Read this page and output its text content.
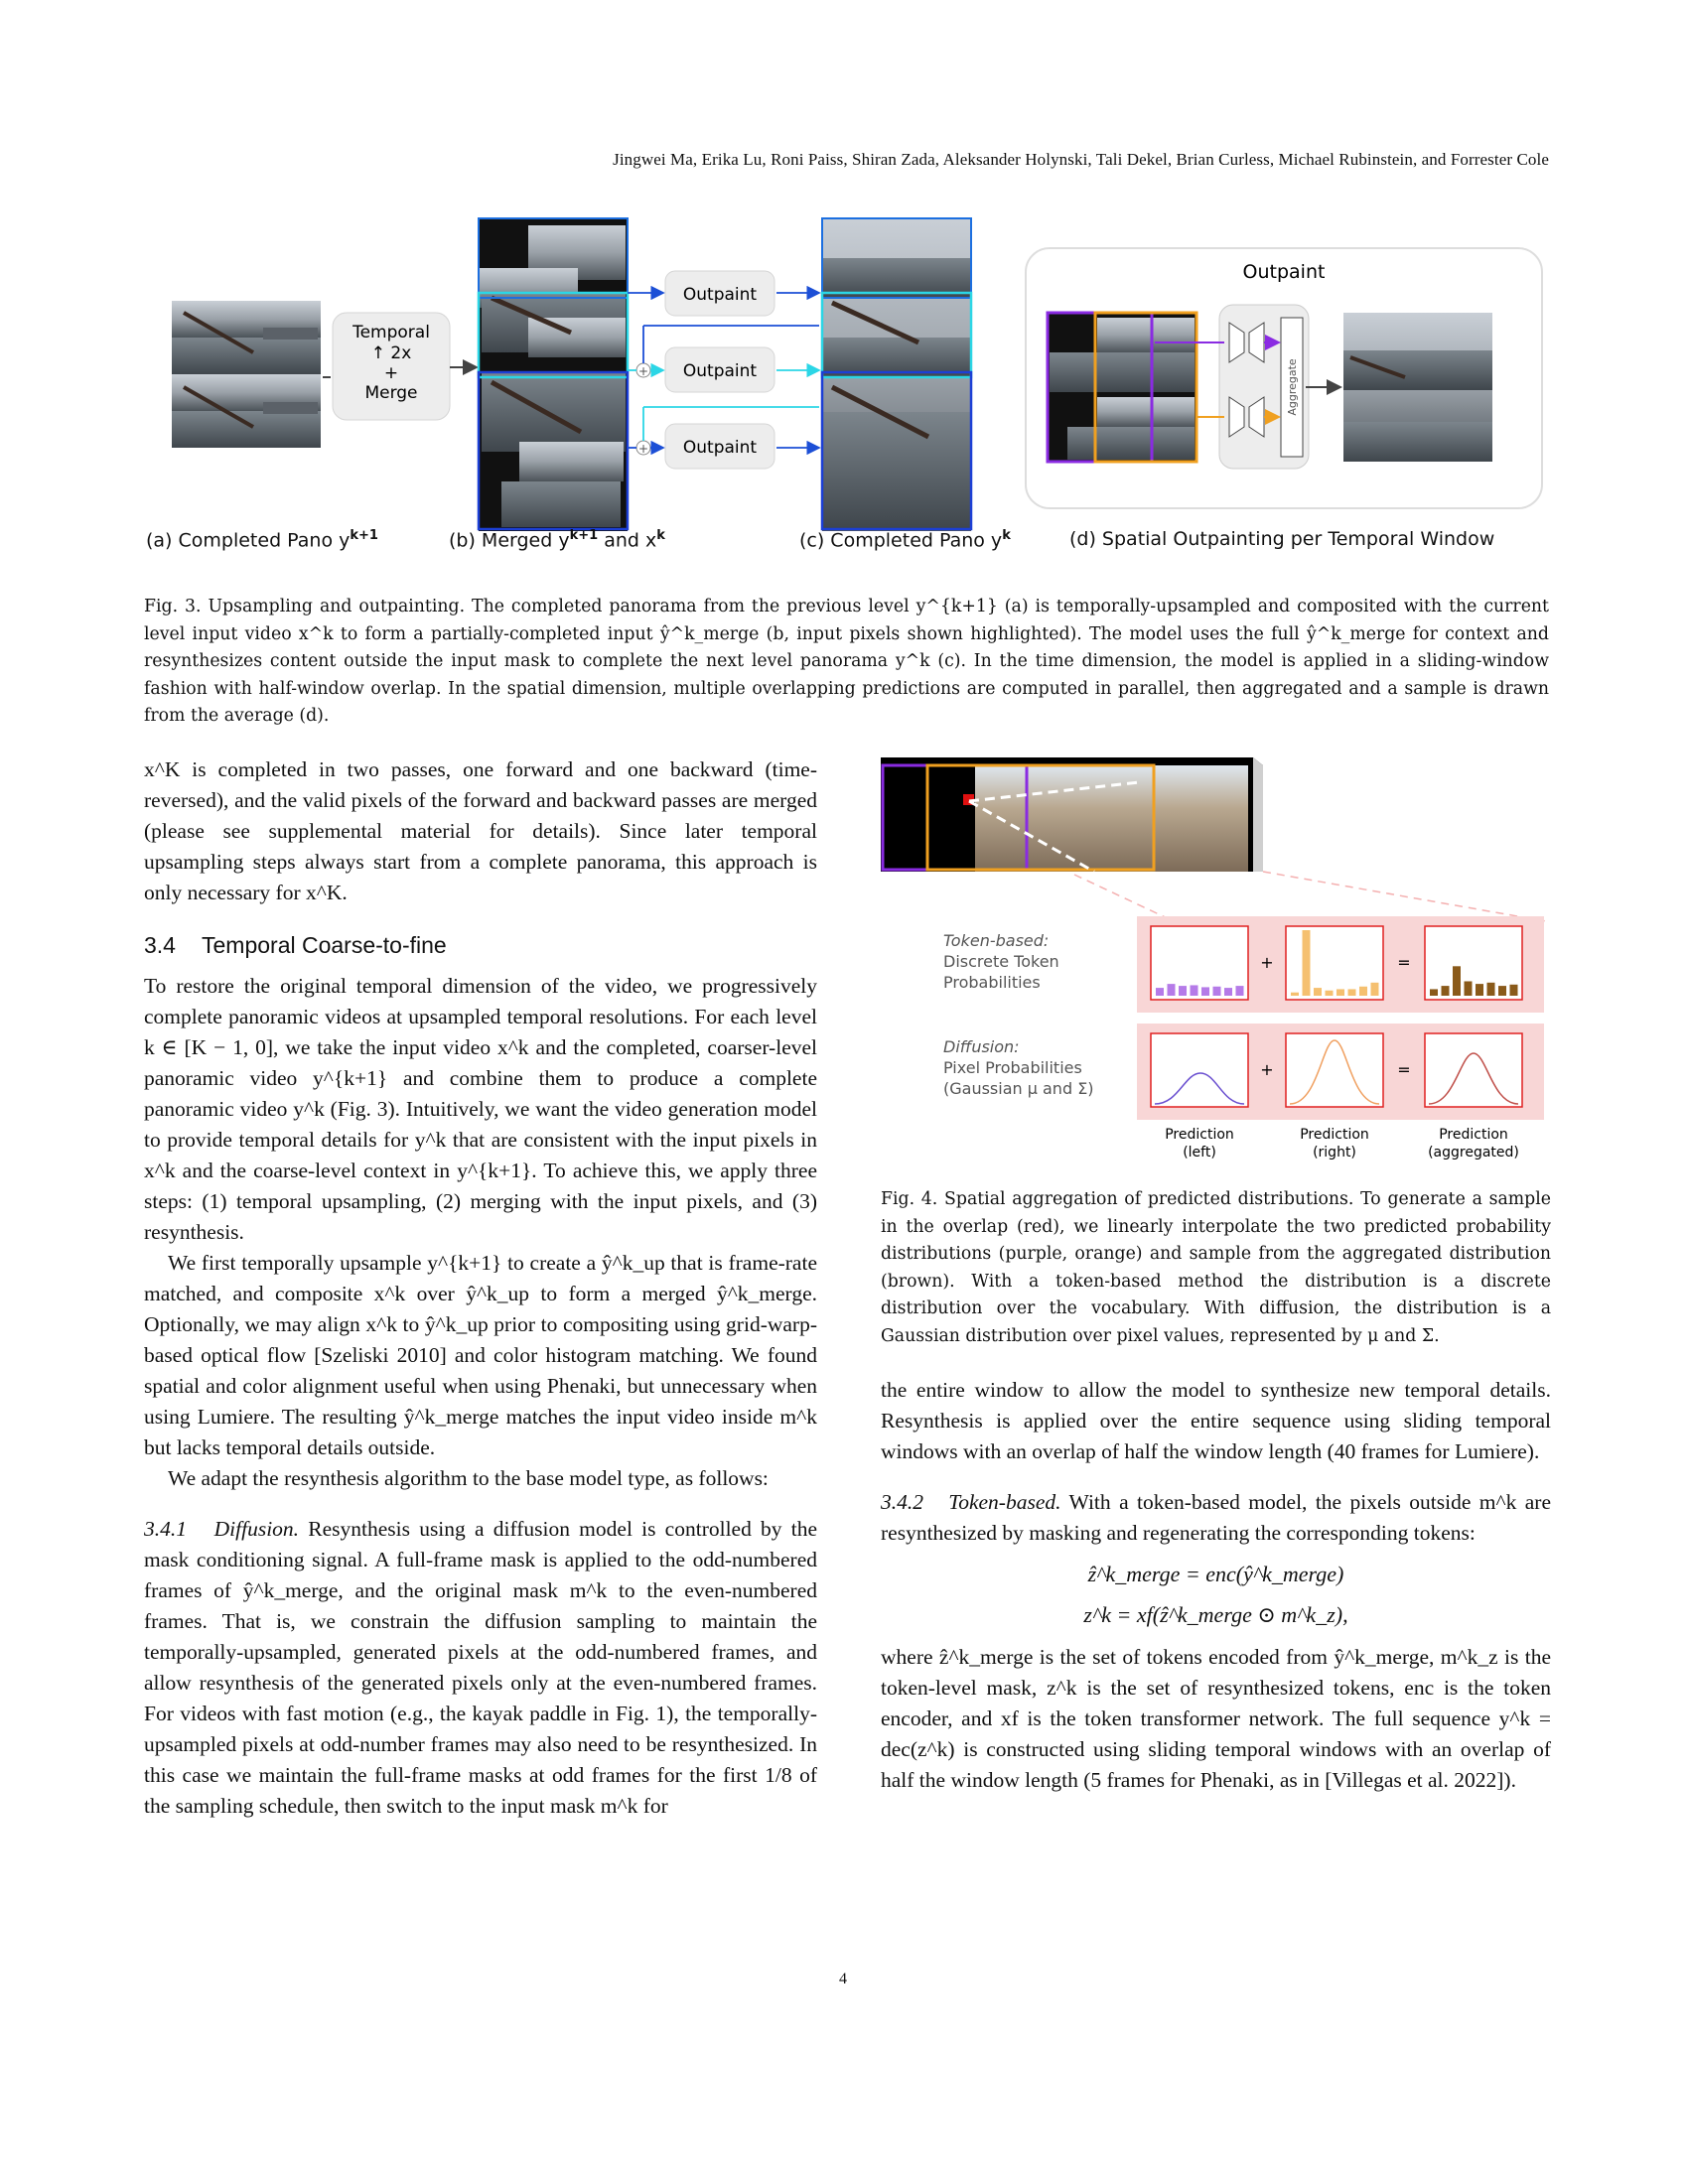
Jingwei Ma, Erika Lu, Roni Paiss, Shiran Zada, Aleksander Holynski, Tali Dekel, Brian Curless, Michael Rubinstein, and Forrester Cole
Temporal
↑ 2x
+
Merge
Outpaint
Outpaint
Outpaint
+
+
Outpaint
Aggregate
(a) Completed Pano $y^{k+1}$	(b) Merged $y^{k+1}$ and $x^k$	(c) Completed Pano $y^k$	(d) Spatial Outpainting per Temporal Window
Fig. 3. Upsampling and outpainting. The completed panorama from the previous level y^{k+1} (a) is temporally-upsampled and composited with the current level input video x^k to form a partially-completed input ŷ^k_merge (b, input pixels shown highlighted). The model uses the full ŷ^k_merge for context and resynthesizes content outside the input mask to complete the next level panorama y^k (c). In the time dimension, the model is applied in a sliding-window fashion with half-window overlap. In the spatial dimension, multiple overlapping predictions are computed in parallel, then aggregated and a sample is drawn from the average (d).

x^K is completed in two passes, one forward and one backward (time-reversed), and the valid pixels of the forward and backward passes are merged (please see supplemental material for details). Since later temporal upsampling steps always start from a complete panorama, this approach is only necessary for x^K.

3.4 Temporal Coarse-to-fine

To restore the original temporal dimension of the video, we progressively complete panoramic videos at upsampled temporal resolutions. For each level k ∈ [K − 1, 0], we take the input video x^k and the completed, coarser-level panoramic video y^{k+1} and combine them to produce a complete panoramic video y^k (Fig. 3). Intuitively, we want the video generation model to provide temporal details for y^k that are consistent with the input pixels in x^k and the coarse-level context in y^{k+1}. To achieve this, we apply three steps: (1) temporal upsampling, (2) merging with the input pixels, and (3) resynthesis.

We first temporally upsample y^{k+1} to create a ŷ^k_up that is frame-rate matched, and composite x^k over ŷ^k_up to form a merged ŷ^k_merge. Optionally, we may align x^k to ŷ^k_up prior to compositing using grid-warp-based optical flow [Szeliski 2010] and color histogram matching. We found spatial and color alignment useful when using Phenaki, but unnecessary when using Lumiere. The resulting ŷ^k_merge matches the input video inside m^k but lacks temporal details outside.

We adapt the resynthesis algorithm to the base model type, as follows:

3.4.1 Diffusion. Resynthesis using a diffusion model is controlled by the mask conditioning signal. A full-frame mask is applied to the odd-numbered frames of ŷ^k_merge, and the original mask m^k to the even-numbered frames. That is, we constrain the diffusion sampling to maintain the temporally-upsampled, generated pixels at the odd-numbered frames, and allow resynthesis of the generated pixels only at the even-numbered frames. For videos with fast motion (e.g., the kayak paddle in Fig. 1), the temporally-upsampled pixels at odd-number frames may also need to be resynthesized. In this case we maintain the full-frame masks at odd frames for the first 1/8 of the sampling schedule, then switch to the input mask m^k for

Token-based:
Discrete Token
Probabilities
+	=
Diffusion:
Pixel Probabilities
(Gaussian μ and Σ)
+	=
Prediction
(left)
Prediction
(right)
Prediction
(aggregated)
Fig. 4. Spatial aggregation of predicted distributions. To generate a sample in the overlap (red), we linearly interpolate the two predicted probability distributions (purple, orange) and sample from the aggregated distribution (brown). With a token-based method the distribution is a discrete distribution over the vocabulary. With diffusion, the distribution is a Gaussian distribution over pixel values, represented by μ and Σ.

the entire window to allow the model to synthesize new temporal details. Resynthesis is applied over the entire sequence using sliding temporal windows with an overlap of half the window length (40 frames for Lumiere).

3.4.2 Token-based. With a token-based model, the pixels outside m^k are resynthesized by masking and regenerating the corresponding tokens:

ẑ^k_merge = enc(ŷ^k_merge)

z^k = xf(ẑ^k_merge ⊙ m^k_z),

where ẑ^k_merge is the set of tokens encoded from ŷ^k_merge, m^k_z is the token-level mask, z^k is the set of resynthesized tokens, enc is the token encoder, and xf is the token transformer network. The full sequence y^k = dec(z^k) is constructed using sliding temporal windows with an overlap of half the window length (5 frames for Phenaki, as in [Villegas et al. 2022]).

4
